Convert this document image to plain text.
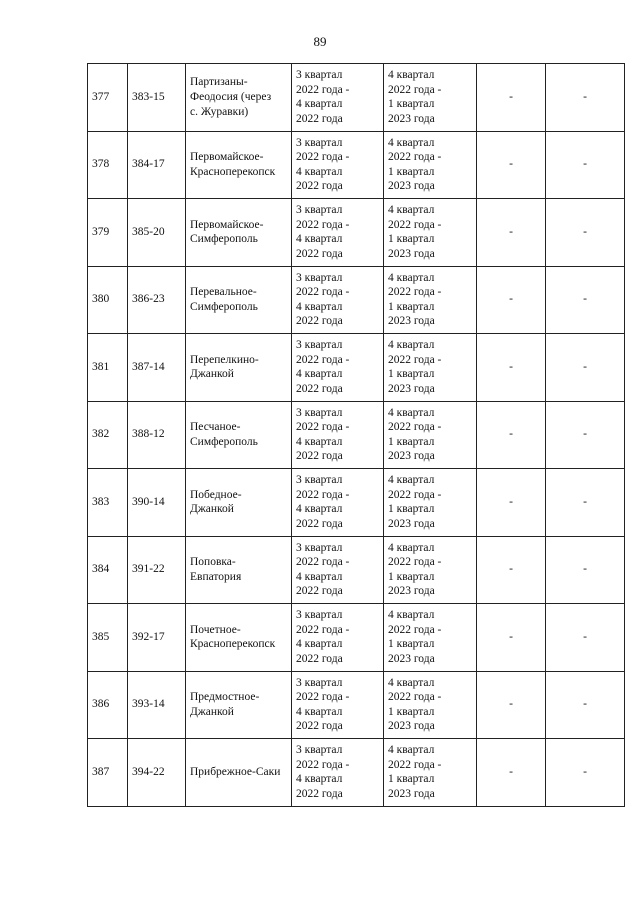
89
377	383-15	Партизаны-
Феодосия (через
с. Журавки)	3 квартал
2022 года -
4 квартал
2022 года	4 квартал
2022 года -
1 квартал
2023 года	-	-
378	384-17	Первомайское-
Красноперекопск	3 квартал
2022 года -
4 квартал
2022 года	4 квартал
2022 года -
1 квартал
2023 года	-	-
379	385-20	Первомайское-
Симферополь	3 квартал
2022 года -
4 квартал
2022 года	4 квартал
2022 года -
1 квартал
2023 года	-	-
380	386-23	Перевальное-
Симферополь	3 квартал
2022 года -
4 квартал
2022 года	4 квартал
2022 года -
1 квартал
2023 года	-	-
381	387-14	Перепелкино-
Джанкой	3 квартал
2022 года -
4 квартал
2022 года	4 квартал
2022 года -
1 квартал
2023 года	-	-
382	388-12	Песчаное-
Симферополь	3 квартал
2022 года -
4 квартал
2022 года	4 квартал
2022 года -
1 квартал
2023 года	-	-
383	390-14	Победное-
Джанкой	3 квартал
2022 года -
4 квартал
2022 года	4 квартал
2022 года -
1 квартал
2023 года	-	-
384	391-22	Поповка-
Евпатория	3 квартал
2022 года -
4 квартал
2022 года	4 квартал
2022 года -
1 квартал
2023 года	-	-
385	392-17	Почетное-
Красноперекопск	3 квартал
2022 года -
4 квартал
2022 года	4 квартал
2022 года -
1 квартал
2023 года	-	-
386	393-14	Предмостное-
Джанкой	3 квартал
2022 года -
4 квартал
2022 года	4 квартал
2022 года -
1 квартал
2023 года	-	-
387	394-22	Прибрежное-Саки	3 квартал
2022 года -
4 квартал
2022 года	4 квартал
2022 года -
1 квартал
2023 года	-	-
